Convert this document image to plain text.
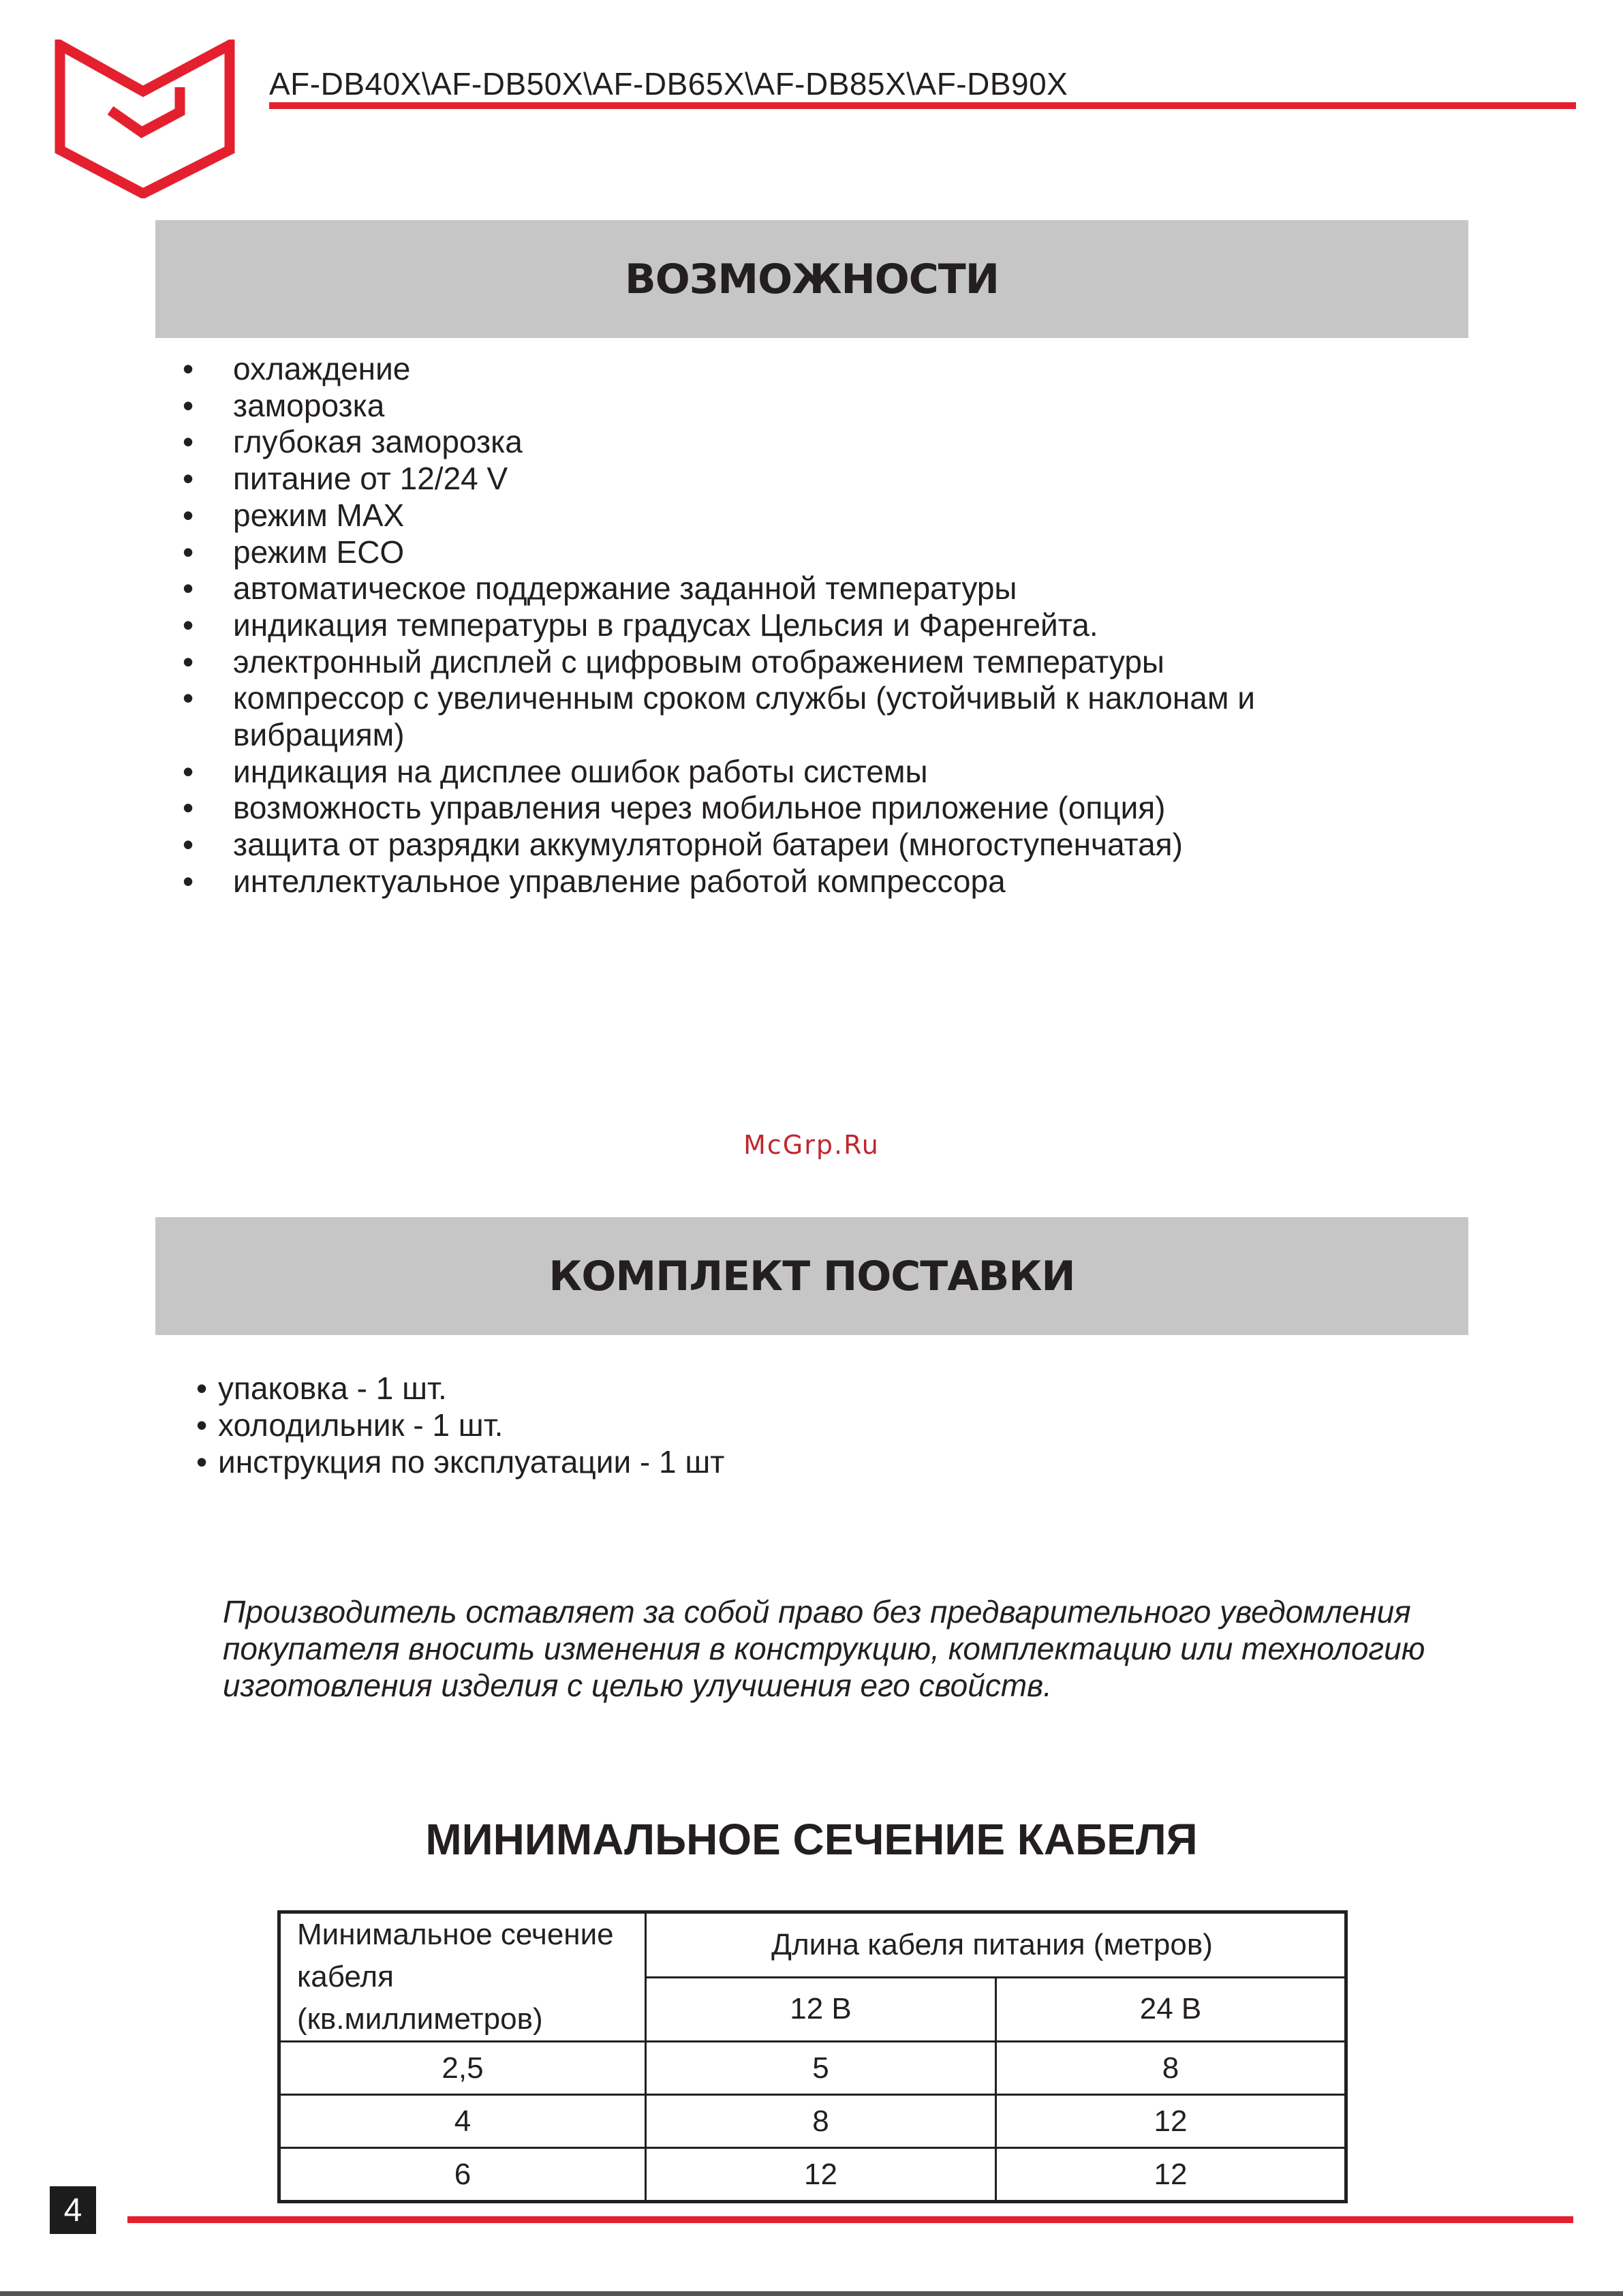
AF-DB40X\AF-DB50X\AF-DB65X\AF-DB85X\AF-DB90X
ВОЗМОЖНОСТИ
• охлаждение
• заморозка
• глубокая заморозка
• питание от 12/24 V
• режим MAX
• режим ECO
• автоматическое поддержание заданной температуры
• индикация температуры в градусах Цельсия и Фаренгейта.
• электронный дисплей с цифровым отображением температуры
• компрессор с увеличенным сроком службы (устойчивый к наклонам и вибрациям)
• индикация на дисплее ошибок работы системы
• возможность управления через мобильное приложение (опция)
• защита от разрядки аккумуляторной батареи (многоступенчатая)
• интеллектуальное управление работой компрессора
McGrp.Ru
КОМПЛЕКТ ПОСТАВКИ
• упаковка - 1 шт.
• холодильник - 1 шт.
• инструкция по эксплуатации - 1 шт
Производитель оставляет за собой право без предварительного уведомления покупателя вносить изменения в конструкцию, комплектацию или технологию изготовления изделия с целью улучшения его свойств.
МИНИМАЛЬНОЕ СЕЧЕНИЕ КАБЕЛЯ
Минимальное сечение
кабеля (кв.миллиметров)	Длина кабеля питания (метров)	
	12 В	24 В
2,5	5	8
4	8	12
6	12	12
4
